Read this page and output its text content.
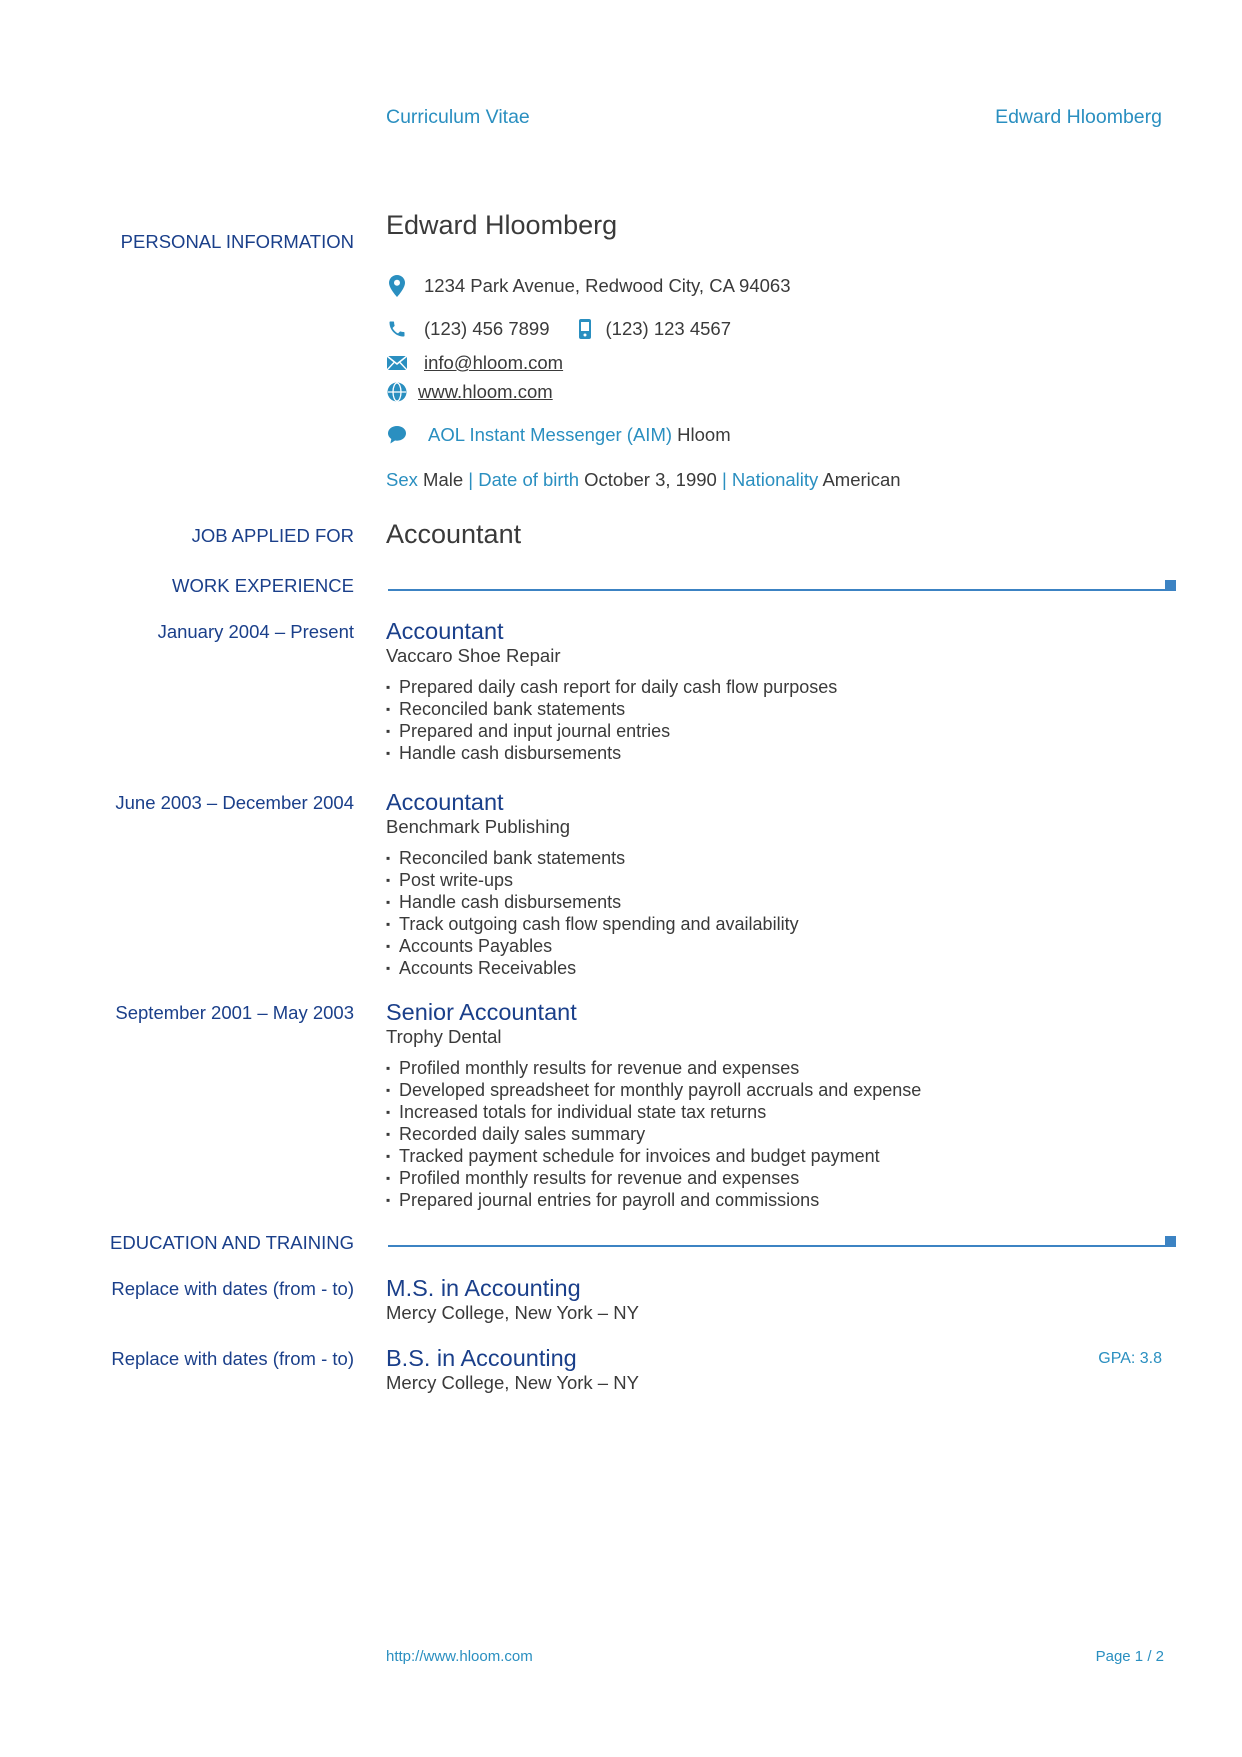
Curriculum Vitae	Edward Hloomberg
PERSONAL INFORMATION
Edward Hloomberg
1234 Park Avenue, Redwood City, CA 94063
(123) 456 7899	(123) 123 4567
info@hloom.com
www.hloom.com
AOL Instant Messenger (AIM)
Hloom
Sex Male | Date of birth October 3, 1990 | Nationality American
JOB APPLIED FOR Accountant
WORK EXPERIENCE
January 2004 – Present Accountant
Vaccaro Shoe Repair
▪ Prepared daily cash report for daily cash flow purposes
▪ Reconciled bank statements
▪ Prepared and input journal entries
▪ Handle cash disbursements
June 2003 – December 2004 Accountant
Benchmark Publishing
▪ Reconciled bank statements
▪ Post write-ups
▪ Handle cash disbursements
▪ Track outgoing cash flow spending and availability
▪ Accounts Payables
▪ Accounts Receivables
September 2001 – May 2003 Senior Accountant
Trophy Dental
▪ Profiled monthly results for revenue and expenses
▪ Developed spreadsheet for monthly payroll accruals and expense
▪ Increased totals for individual state tax returns
▪ Recorded daily sales summary
▪ Tracked payment schedule for invoices and budget payment
▪ Profiled monthly results for revenue and expenses
▪ Prepared journal entries for payroll and commissions
EDUCATION AND TRAINING
Replace with dates (from - to) M.S. in Accounting
Mercy College, New York – NY
Replace with dates (from - to) B.S. in Accounting
Mercy College, New York – NY
GPA: 3.8
http://www.hloom.com	Page 1 / 2
